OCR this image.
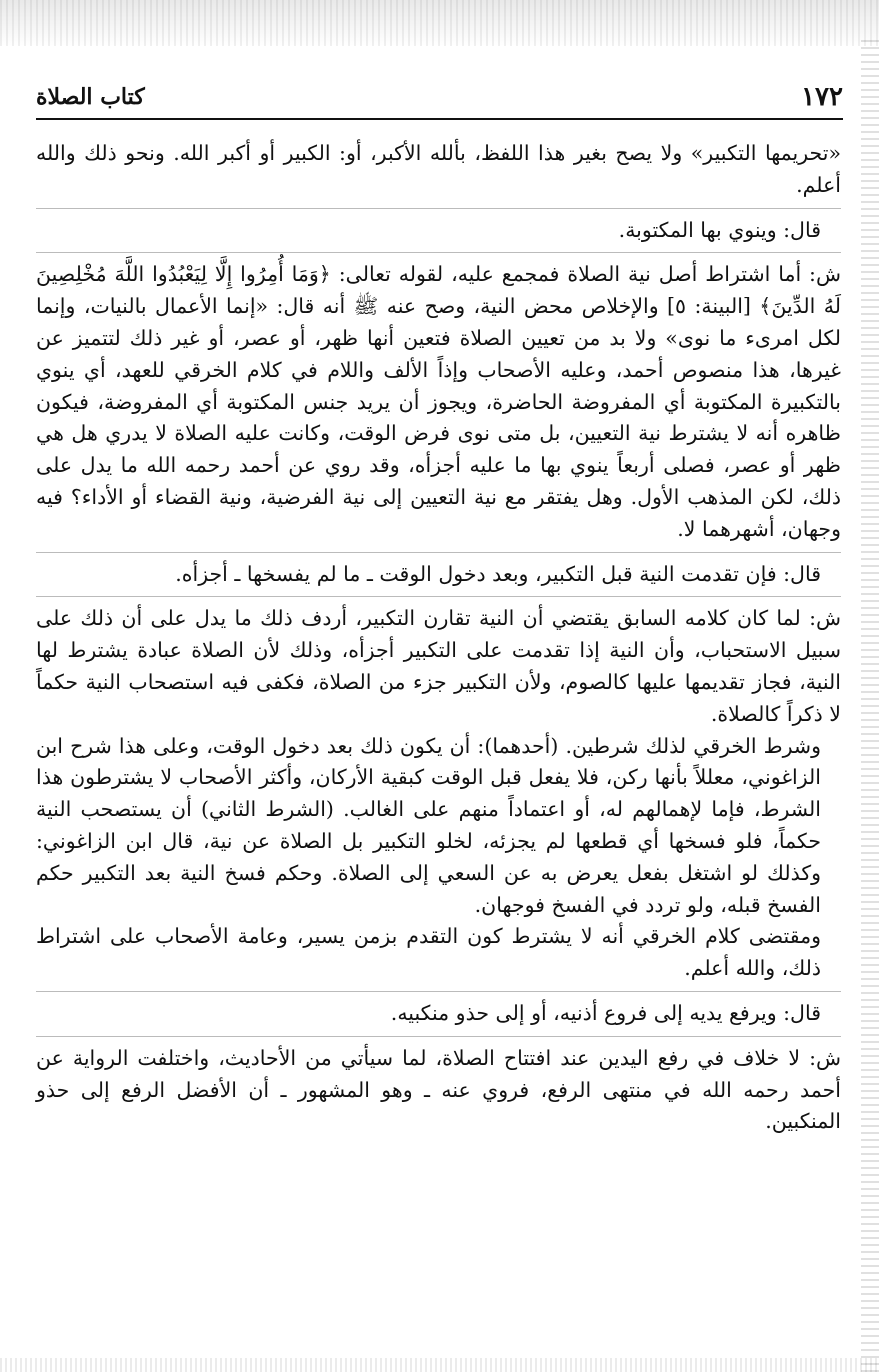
١٧٢
كتاب الصلاة

«تحريمها التكبير» ولا يصح بغير هذا اللفظ، بألله الأكبر، أو: الكبير أو أكبر الله. ونحو ذلك والله أعلم.

قال: وينوي بها المكتوبة.

ش: أما اشتراط أصل نية الصلاة فمجمع عليه، لقوله تعالى: ﴿وَمَا أُمِرُوا إِلَّا لِيَعْبُدُوا اللَّهَ مُخْلِصِينَ لَهُ الدِّينَ﴾ [البينة: ٥] والإخلاص محض النية، وصح عنه ﷺ أنه قال: «إنما الأعمال بالنيات، وإنما لكل امرىء ما نوى» ولا بد من تعيين الصلاة فتعين أنها ظهر، أو عصر، أو غير ذلك لتتميز عن غيرها، هذا منصوص أحمد، وعليه الأصحاب وإذاً الألف واللام في كلام الخرقي للعهد، أي ينوي بالتكبيرة المكتوبة أي المفروضة الحاضرة، ويجوز أن يريد جنس المكتوبة أي المفروضة، فيكون ظاهره أنه لا يشترط نية التعيين، بل متى نوى فرض الوقت، وكانت عليه الصلاة لا يدري هل هي ظهر أو عصر، فصلى أربعاً ينوي بها ما عليه أجزأه، وقد روي عن أحمد رحمه الله ما يدل على ذلك، لكن المذهب الأول. وهل يفتقر مع نية التعيين إلى نية الفرضية، ونية القضاء أو الأداء؟ فيه وجهان، أشهرهما لا.

قال: فإن تقدمت النية قبل التكبير، وبعد دخول الوقت ـ ما لم يفسخها ـ أجزأه.

ش: لما كان كلامه السابق يقتضي أن النية تقارن التكبير، أردف ذلك ما يدل على أن ذلك على سبيل الاستحباب، وأن النية إذا تقدمت على التكبير أجزأه، وذلك لأن الصلاة عبادة يشترط لها النية، فجاز تقديمها عليها كالصوم، ولأن التكبير جزء من الصلاة، فكفى فيه استصحاب النية حكماً لا ذكراً كالصلاة.

وشرط الخرقي لذلك شرطين. (أحدهما): أن يكون ذلك بعد دخول الوقت، وعلى هذا شرح ابن الزاغوني، معللاً بأنها ركن، فلا يفعل قبل الوقت كبقية الأركان، وأكثر الأصحاب لا يشترطون هذا الشرط، فإما لإهمالهم له، أو اعتماداً منهم على الغالب. (الشرط الثاني) أن يستصحب النية حكماً، فلو فسخها أي قطعها لم يجزئه، لخلو التكبير بل الصلاة عن نية، قال ابن الزاغوني: وكذلك لو اشتغل بفعل يعرض به عن السعي إلى الصلاة. وحكم فسخ النية بعد التكبير حكم الفسخ قبله، ولو تردد في الفسخ فوجهان.

ومقتضى كلام الخرقي أنه لا يشترط كون التقدم بزمن يسير، وعامة الأصحاب على اشتراط ذلك، والله أعلم.

قال: ويرفع يديه إلى فروع أذنيه، أو إلى حذو منكبيه.

ش: لا خلاف في رفع اليدين عند افتتاح الصلاة، لما سيأتي من الأحاديث، واختلفت الرواية عن أحمد رحمه الله في منتهى الرفع، فروي عنه ـ وهو المشهور ـ أن الأفضل الرفع إلى حذو المنكبين.
